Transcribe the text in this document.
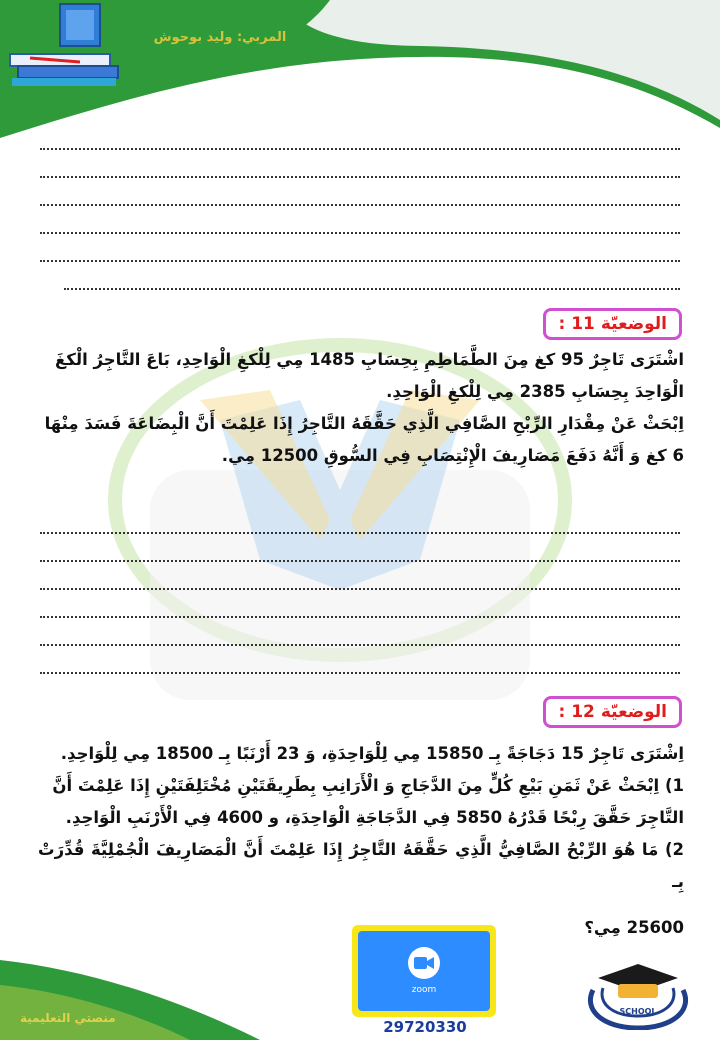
المربي: وليد بوحوش
الوضعيّة
11 :

اشْتَرَى تَاجِرٌ 95 كغ مِنَ الطَّمَاطِمِ بِحِسَابِ 1485 مِي لِلْكغِ الْوَاحِدِ، بَاعَ التَّاجِرُ الْكغَ

الْوَاحِدَ بِحِسَابِ 2385 مِي لِلْكغِ الْوَاحِدِ.

اِبْحَثْ عَنْ مِقْدَارِ الرِّبْحِ الصَّافِي الَّذِي حَقَّقَهُ التَّاجِرُ إِذَا عَلِمْتَ أَنَّ الْبِضَاعَةَ فَسَدَ مِنْهَا

6 كغ وَ أَنَّهُ دَفَعَ مَصَارِيفَ الْإِنْتِصَابِ فِي السُّوقِ 12500 مِي.

الوضعيّة
12 :

اِشْتَرَى تَاجِرٌ 15 دَجَاجَةً بِـ 15850 مِي لِلْوَاحِدَةِ، وَ 23 أَرْنَبًا بِـ 18500 مِي لِلْوَاحِدِ.

1) اِبْحَثْ عَنْ ثَمَنِ بَيْعِ كُلٍّ مِنَ الدَّجَاجِ وَ الْأَرَانِبِ بِطَرِيقَتَيْنِ مُخْتَلِفَتَيْنِ إِذَا عَلِمْتَ أَنَّ

التَّاجِرَ حَقَّقَ رِبْحًا قَدْرُهُ 5850 فِي الدَّجَاجَةِ الْوَاحِدَةِ، و 4600 فِي الْأَرْنَبِ الْوَاحِدِ.

2) مَا هُوَ الرِّبْحُ الصَّافِيُّ الَّذِي حَقَّقَهُ التَّاجِرُ إِذَا عَلِمْتَ أَنَّ الْمَصَارِيفَ الْجُمْلِيَّةَ قُدِّرَتْ بِـ

25600 مِي؟

منصتي التعليمية
zoom
29720330
SCHOOL
